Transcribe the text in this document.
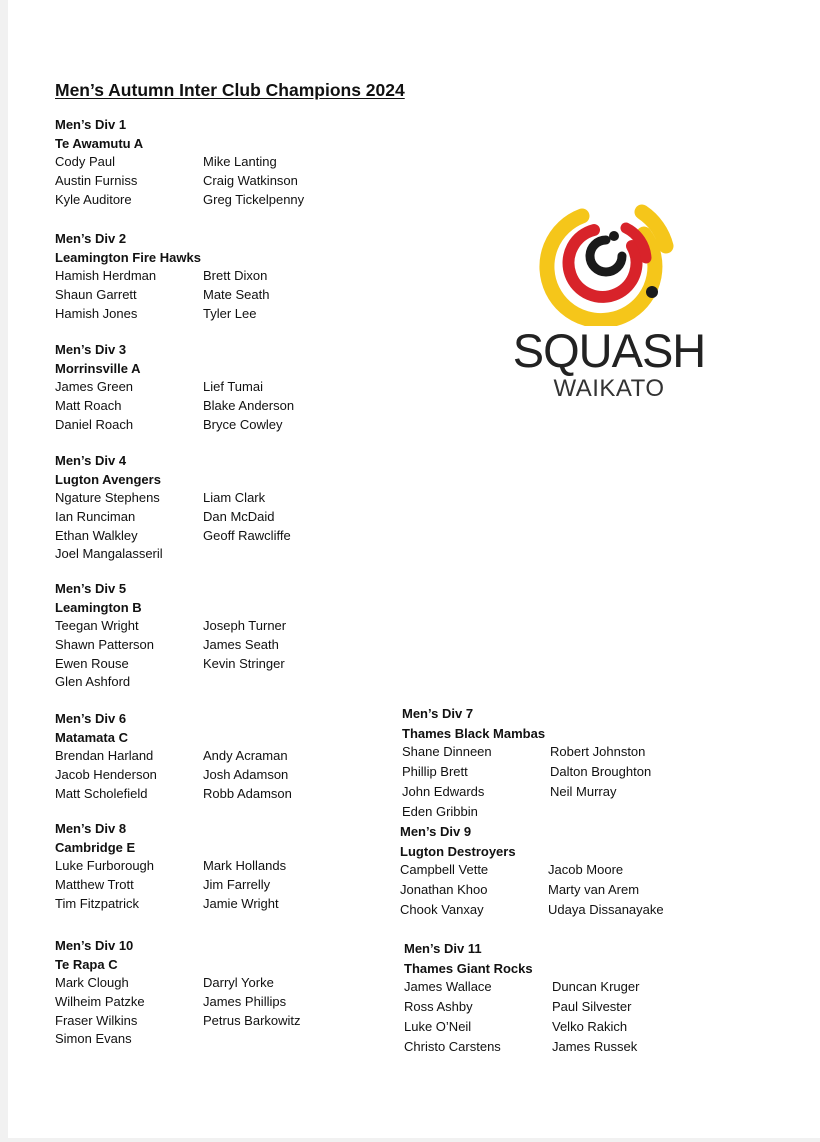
Men’s Autumn Inter Club Champions 2024
Men’s Div 1
Te Awamutu A
Cody Paul	Mike Lanting
Austin Furniss	Craig Watkinson
Kyle Auditore	Greg Tickelpenny
Men’s Div 2
Leamington Fire Hawks
Hamish Herdman	Brett Dixon
Shaun Garrett	Mate Seath
Hamish Jones	Tyler Lee
Men’s Div 3
Morrinsville A
James Green	Lief Tumai
Matt Roach	Blake Anderson
Daniel Roach	Bryce Cowley
Men’s Div 4
Lugton Avengers
Ngature Stephens	Liam Clark
Ian Runciman	Dan McDaid
Ethan Walkley	Geoff Rawcliffe
Joel Mangalasseril
Men’s Div 5
Leamington B
Teegan Wright	Joseph Turner
Shawn Patterson	James Seath
Ewen Rouse	Kevin Stringer
Glen Ashford
Men’s Div 6
Matamata C
Brendan Harland	Andy Acraman
Jacob Henderson	Josh Adamson
Matt Scholefield	Robb Adamson
Men’s Div 7
Thames Black Mambas
Shane Dinneen	Robert Johnston
Phillip Brett	Dalton Broughton
John Edwards	Neil Murray
Eden Gribbin
Men’s Div 8
Cambridge E
Luke Furborough	Mark Hollands
Matthew Trott	Jim Farrelly
Tim Fitzpatrick	Jamie Wright
Men’s Div 9
Lugton Destroyers
Campbell Vette	Jacob Moore
Jonathan Khoo	Marty van Arem
Chook Vanxay	Udaya Dissanayake
Men’s Div 10
Te Rapa C
Mark Clough	Darryl Yorke
Wilheim Patzke	James Phillips
Fraser Wilkins	Petrus Barkowitz
Simon Evans
Men’s Div 11
Thames Giant Rocks
James Wallace	Duncan Kruger
Ross Ashby	Paul Silvester
Luke O’Neil	Velko Rakich
Christo Carstens	James Russek
SQUASH
WAIKATO
